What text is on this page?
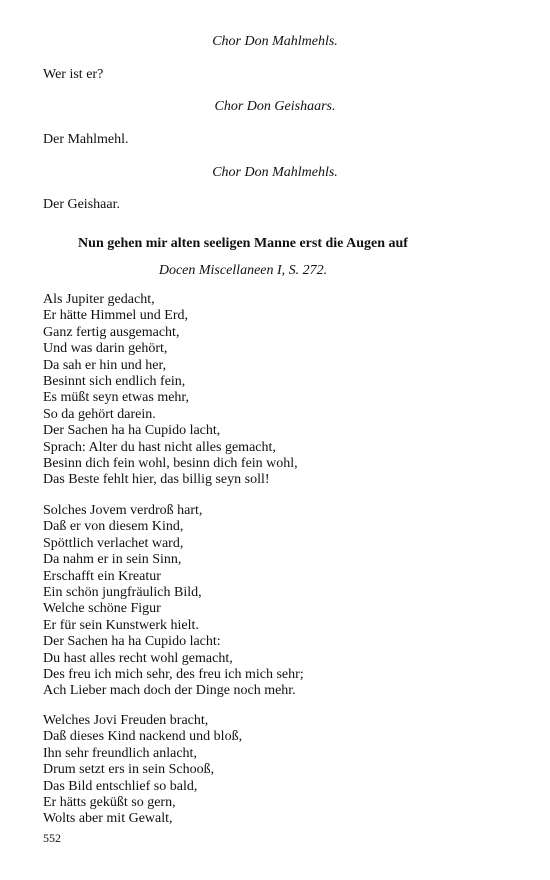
Chor Don Mahlmehls.
Wer ist er?
Chor Don Geishaars.
Der Mahlmehl.
Chor Don Mahlmehls.
Der Geishaar.
Nun gehen mir alten seeligen Manne erst die Augen auf
Docen Miscellaneen I, S. 272.
Als Jupiter gedacht,
Er hätte Himmel und Erd,
Ganz fertig ausgemacht,
Und was darin gehört,
Da sah er hin und her,
Besinnt sich endlich fein,
Es müßt seyn etwas mehr,
So da gehört darein.
Der Sachen ha ha Cupido lacht,
Sprach: Alter du hast nicht alles gemacht,
Besinn dich fein wohl, besinn dich fein wohl,
Das Beste fehlt hier, das billig seyn soll!
Solches Jovem verdroß hart,
Daß er von diesem Kind,
Spöttlich verlachet ward,
Da nahm er in sein Sinn,
Erschafft ein Kreatur
Ein schön jungfräulich Bild,
Welche schöne Figur
Er für sein Kunstwerk hielt.
Der Sachen ha ha Cupido lacht:
Du hast alles recht wohl gemacht,
Des freu ich mich sehr, des freu ich mich sehr;
Ach Lieber mach doch der Dinge noch mehr.
Welches Jovi Freuden bracht,
Daß dieses Kind nackend und bloß,
Ihn sehr freundlich anlacht,
Drum setzt ers in sein Schooß,
Das Bild entschlief so bald,
Er hätts geküßt so gern,
Wolts aber mit Gewalt,
552
